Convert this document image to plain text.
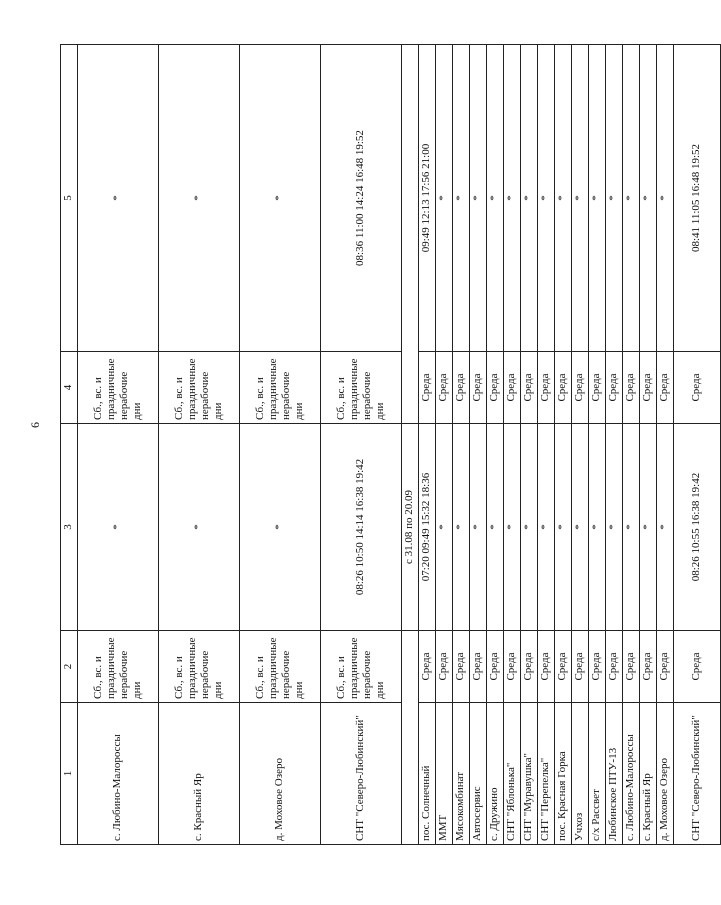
6
1	2	3	4	5
с. Любино-Малороссы	Сб., вс. и праздничные нерабочие дни	*	Сб., вс. и праздничные нерабочие дни	*
с. Красный Яр	Сб., вс. и праздничные нерабочие дни	*	Сб., вс. и праздничные нерабочие дни	*
д. Моховое Озеро	Сб., вс. и праздничные нерабочие дни	*	Сб., вс. и праздничные нерабочие дни	*
СНТ "Северо-Любинский"	Сб., вс. и праздничные нерабочие дни	08:26 10:50 14:14 16:38 19:42	Сб., вс. и праздничные нерабочие дни	08:36 11:00 14:24 16:48 19:52
		с 31.08 по 20.09		
пос. Солнечный	Среда	07:20 09:49 15:32 18:36	Среда	09:49 12:13 17:56 21:00
ММТ	Среда	*	Среда	*
Мясокомбинат	Среда	*	Среда	*
Автосервис	Среда	*	Среда	*
с. Дружино	Среда	*	Среда	*
СНТ "Яблонька"	Среда	*	Среда	*
СНТ "Муравушка"	Среда	*	Среда	*
СНТ "Перепелка"	Среда	*	Среда	*
пос. Красная Горка	Среда	*	Среда	*
Учхоз	Среда	*	Среда	*
с/х Рассвет	Среда	*	Среда	*
Любинское ПТУ-13	Среда	*	Среда	*
с. Любино-Малороссы	Среда	*	Среда	*
с. Красный Яр	Среда	*	Среда	*
д. Моховое Озеро	Среда	*	Среда	*
СНТ "Северо-Любинский"	Среда	08:26 10:55 16:38 19:42	Среда	08:41 11:05 16:48 19:52
